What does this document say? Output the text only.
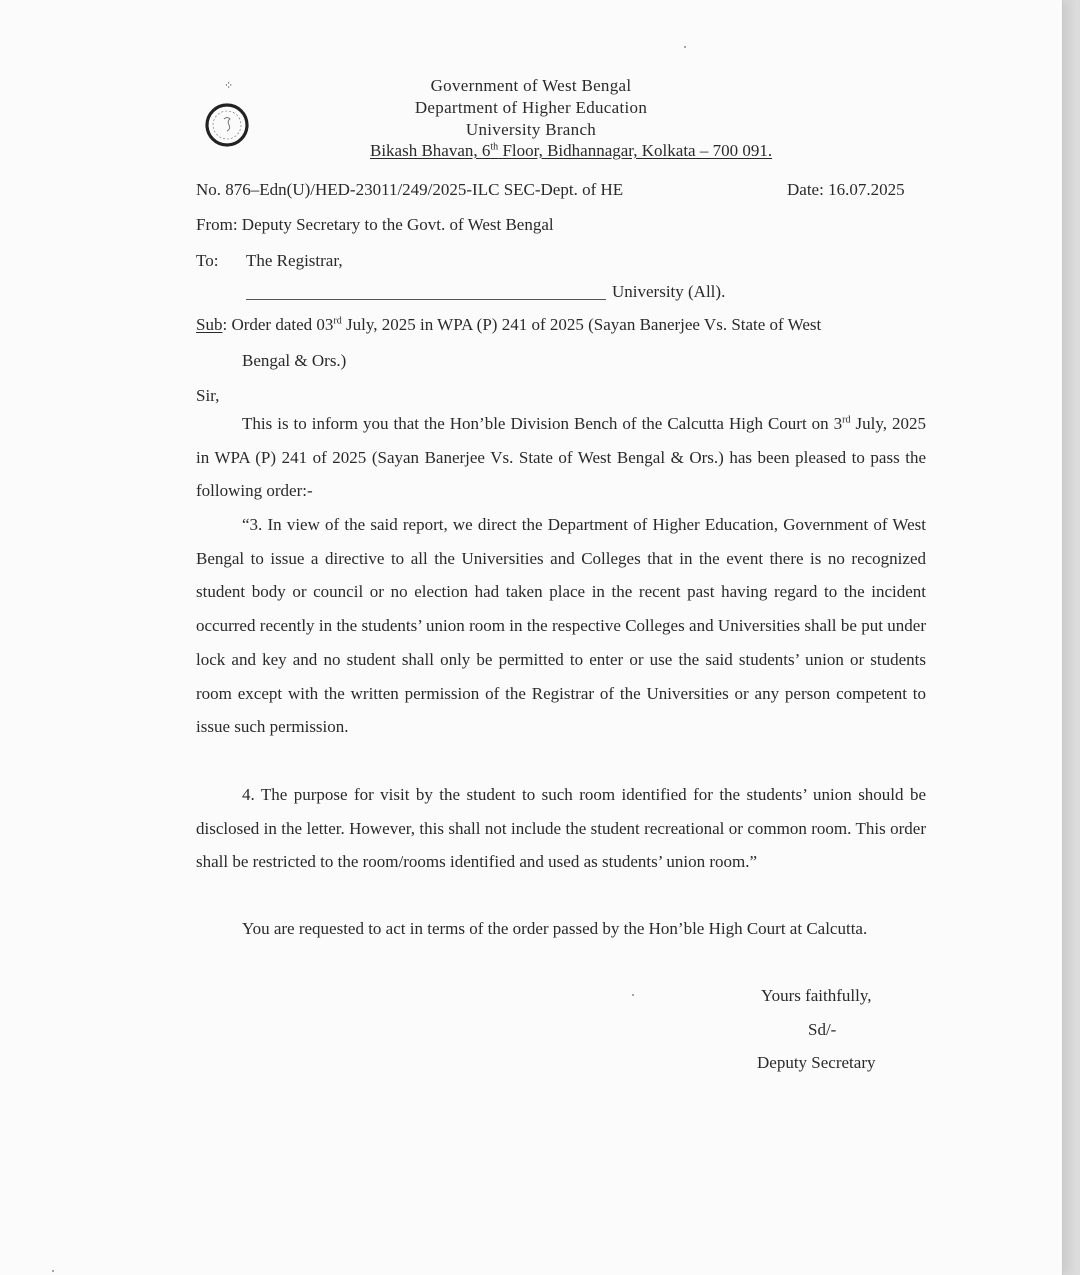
⁘	Government of West Bengal
Department of Higher Education
University Branch
Bikash Bhavan, 6th Floor, Bidhannagar, Kolkata – 700 091.
No. 876–Edn(U)/HED-23011/249/2025-ILC SEC-Dept. of HE	Date: 16.07.2025
From: Deputy Secretary to the Govt. of West Bengal
To: The Registrar,
University (All).
Sub: Order dated 03rd July, 2025 in WPA (P) 241 of 2025 (Sayan Banerjee Vs. State of West
Bengal & Ors.)
Sir,
This is to inform you that the Hon’ble Division Bench of the Calcutta High Court on 3rd July, 2025 in WPA (P) 241 of 2025 (Sayan Banerjee Vs. State of West Bengal & Ors.) has been pleased to pass the following order:-
“3. In view of the said report, we direct the Department of Higher Education, Government of West Bengal to issue a directive to all the Universities and Colleges that in the event there is no recognized student body or council or no election had taken place in the recent past having regard to the incident occurred recently in the students’ union room in the respective Colleges and Universities shall be put under lock and key and no student shall only be permitted to enter or use the said students’ union or students room except with the written permission of the Registrar of the Universities or any person competent to issue such permission.
4. The purpose for visit by the student to such room identified for the students’ union should be disclosed in the letter. However, this shall not include the student recreational or common room. This order shall be restricted to the room/rooms identified and used as students’ union room.”
You are requested to act in terms of the order passed by the Hon’ble High Court at Calcutta.
Yours faithfully,
Sd/-
Deputy Secretary
